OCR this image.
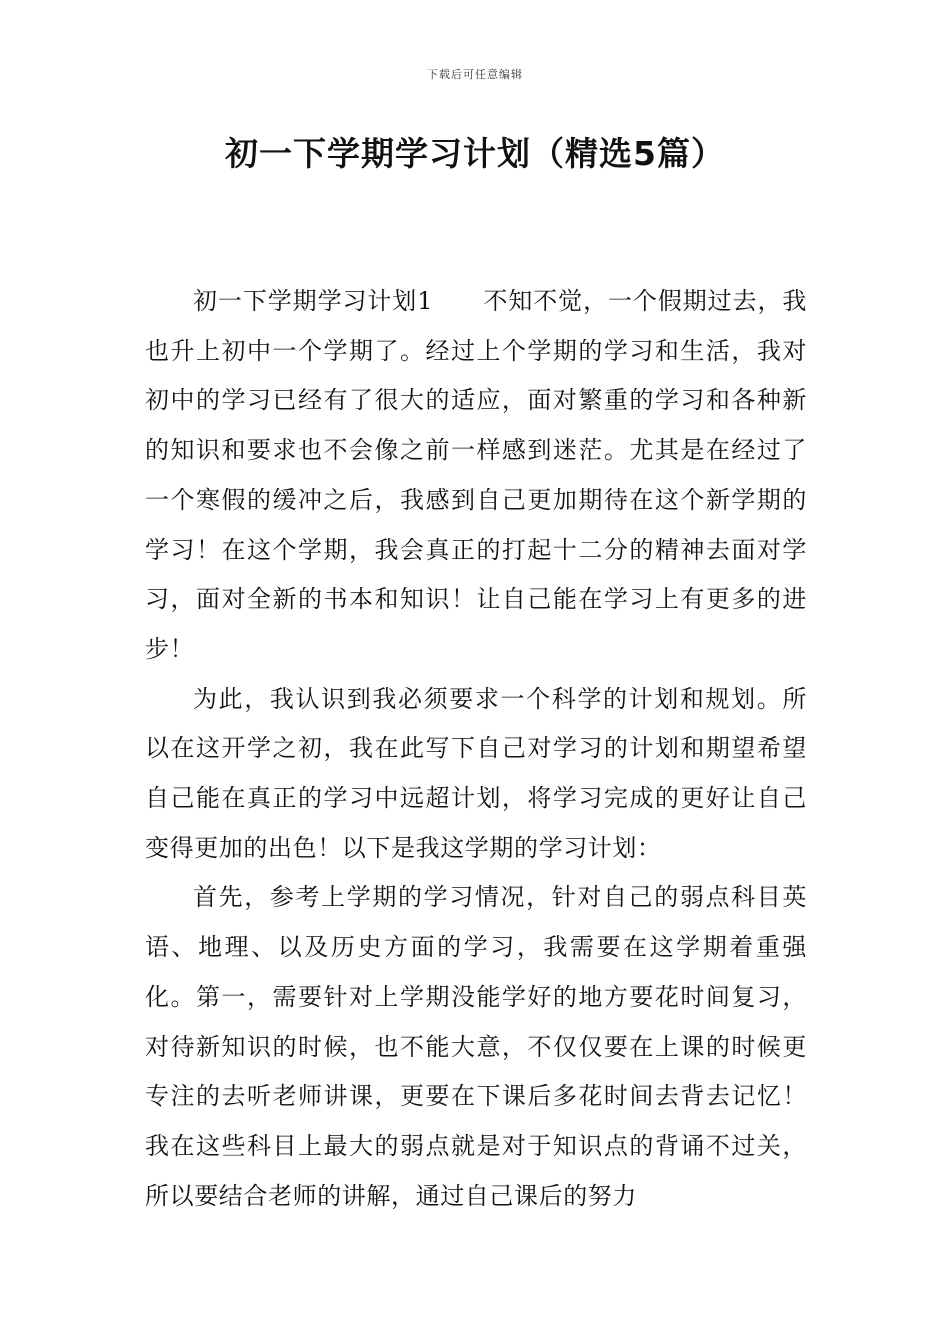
下载后可任意编辑
初一下学期学习计划（精选5篇）

初一下学期学习计划1 不知不觉，一个假期过去，我也升上初中一个学期了。经过上个学期的学习和生活，我对初中的学习已经有了很大的适应，面对繁重的学习和各种新的知识和要求也不会像之前一样感到迷茫。尤其是在经过了一个寒假的缓冲之后，我感到自己更加期待在这个新学期的学习！在这个学期，我会真正的打起十二分的精神去面对学习，面对全新的书本和知识！让自己能在学习上有更多的进步！

为此，我认识到我必须要求一个科学的计划和规划。所以在这开学之初，我在此写下自己对学习的计划和期望希望自己能在真正的学习中远超计划，将学习完成的更好让自己变得更加的出色！以下是我这学期的学习计划：

首先，参考上学期的学习情况，针对自己的弱点科目英语、地理、以及历史方面的学习，我需要在这学期着重强化。第一，需要针对上学期没能学好的地方要花时间复习，对待新知识的时候，也不能大意，不仅仅要在上课的时候更专注的去听老师讲课，更要在下课后多花时间去背去记忆！我在这些科目上最大的弱点就是对于知识点的背诵不过关，所以要结合老师的讲解，通过自己课后的努力
